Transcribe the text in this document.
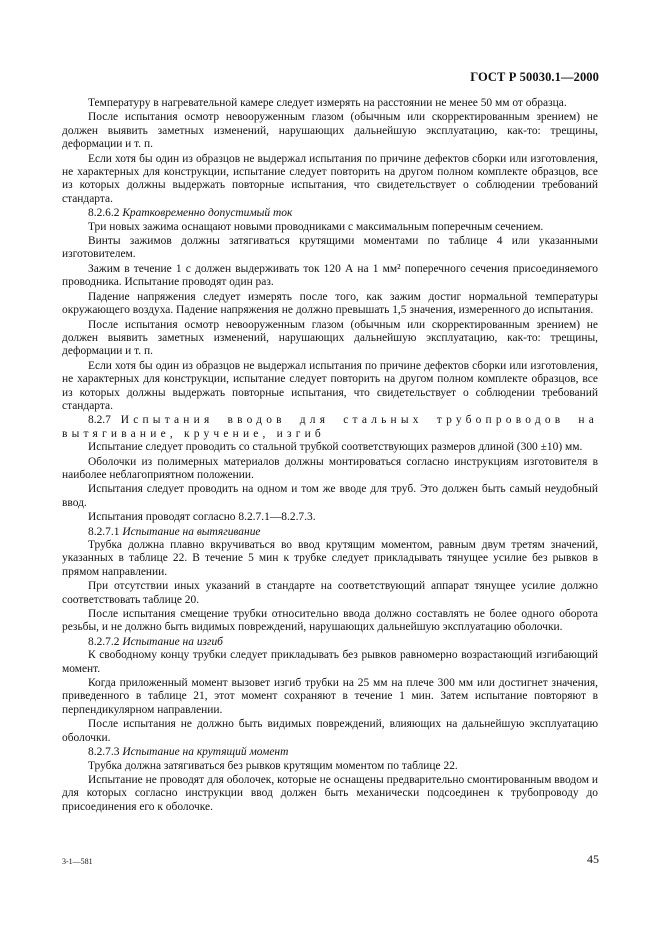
ГОСТ Р 50030.1—2000

Температуру в нагревательной камере следует измерять на расстоянии не менее 50 мм от образца.

После испытания осмотр невооруженным глазом (обычным или скорректированным зрением) не должен выявить заметных изменений, нарушающих дальнейшую эксплуатацию, как-то: трещины, деформации и т. п.

Если хотя бы один из образцов не выдержал испытания по причине дефектов сборки или изготовления, не характерных для конструкции, испытание следует повторить на другом полном комплекте образцов, все из которых должны выдержать повторные испытания, что свидетельствует о соблюдении требований стандарта.

8.2.6.2 Кратковременно допустимый ток

Три новых зажима оснащают новыми проводниками с максимальным поперечным сечением.

Винты зажимов должны затягиваться крутящими моментами по таблице 4 или указанными изготовителем.

Зажим в течение 1 с должен выдерживать ток 120 А на 1 мм² поперечного сечения присоединяемого проводника. Испытание проводят один раз.

Падение напряжения следует измерять после того, как зажим достиг нормальной температуры окружающего воздуха. Падение напряжения не должно превышать 1,5 значения, измеренного до испытания.

После испытания осмотр невооруженным глазом (обычным или скорректированным зрением) не должен выявить заметных изменений, нарушающих дальнейшую эксплуатацию, как-то: трещины, деформации и т. п.

Если хотя бы один из образцов не выдержал испытания по причине дефектов сборки или изготовления, не характерных для конструкции, испытание следует повторить на другом полном комплекте образцов, все из которых должны выдержать повторные испытания, что свидетельствует о соблюдении требований стандарта.

8.2.7 Испытания вводов для стальных трубопроводов на вытягивание, кручение, изгиб

Испытание следует проводить со стальной трубкой соответствующих размеров длиной (300 ±10) мм.

Оболочки из полимерных материалов должны монтироваться согласно инструкциям изготовителя в наиболее неблагоприятном положении.

Испытания следует проводить на одном и том же вводе для труб. Это должен быть самый неудобный ввод.

Испытания проводят согласно 8.2.7.1—8.2.7.3.

8.2.7.1 Испытание на вытягивание

Трубка должна плавно вкручиваться во ввод крутящим моментом, равным двум третям значений, указанных в таблице 22. В течение 5 мин к трубке следует прикладывать тянущее усилие без рывков в прямом направлении.

При отсутствии иных указаний в стандарте на соответствующий аппарат тянущее усилие должно соответствовать таблице 20.

После испытания смещение трубки относительно ввода должно составлять не более одного оборота резьбы, и не должно быть видимых повреждений, нарушающих дальнейшую эксплуатацию оболочки.

8.2.7.2 Испытание на изгиб

К свободному концу трубки следует прикладывать без рывков равномерно возрастающий изгибающий момент.

Когда приложенный момент вызовет изгиб трубки на 25 мм на плече 300 мм или достигнет значения, приведенного в таблице 21, этот момент сохраняют в течение 1 мин. Затем испытание повторяют в перпендикулярном направлении.

После испытания не должно быть видимых повреждений, влияющих на дальнейшую эксплуатацию оболочки.

8.2.7.3 Испытание на крутящий момент

Трубка должна затягиваться без рывков крутящим моментом по таблице 22.

Испытание не проводят для оболочек, которые не оснащены предварительно смонтированным вводом и для которых согласно инструкции ввод должен быть механически подсоединен к трубопроводу до присоединения его к оболочке.

3-1—581	45
